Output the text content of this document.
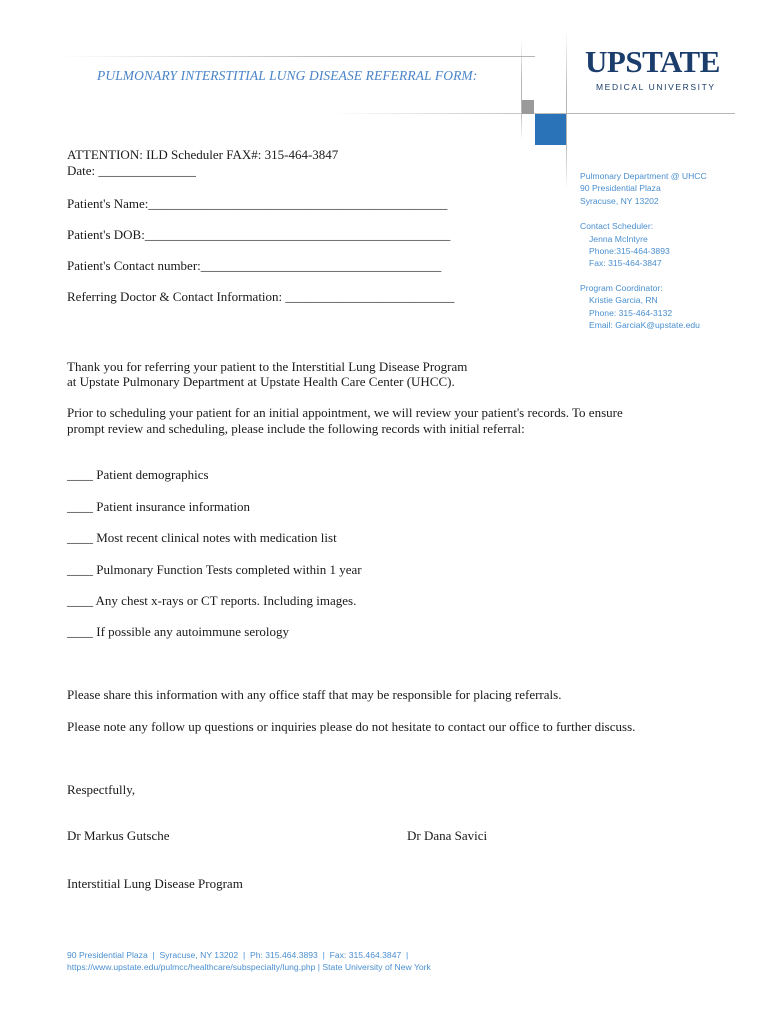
PULMONARY INTERSTITIAL LUNG DISEASE REFERRAL FORM:	UPSTATE
MEDICAL UNIVERSITY
ATTENTION: ILD Scheduler FAX#: 315-464-3847
Date: _______________
Patient's Name:______________________________________________
Patient's DOB:_______________________________________________
Patient's Contact number:_____________________________________
Referring Doctor & Contact Information: __________________________
Pulmonary Department @ UHCC
90 Presidential Plaza
Syracuse, NY 13202
Contact Scheduler:
Jenna McIntyre
Phone:315-464-3893
Fax: 315-464-3847
Program Coordinator:
Kristie Garcia, RN
Phone: 315-464-3132
Email: GarciaK@upstate.edu
Thank you for referring your patient to the Interstitial Lung Disease Program
at Upstate Pulmonary Department at Upstate Health Care Center (UHCC).
Prior to scheduling your patient for an initial appointment, we will review your patient's records. To ensure
prompt review and scheduling, please include the following records with initial referral:
____ Patient demographics
____ Patient insurance information
____ Most recent clinical notes with medication list
____ Pulmonary Function Tests completed within 1 year
____ Any chest x-rays or CT reports. Including images.
____ If possible any autoimmune serology
Please share this information with any office staff that may be responsible for placing referrals.
Please note any follow up questions or inquiries please do not hesitate to contact our office to further discuss.
Respectfully,
Dr Markus Gutsche	Dr Dana Savici
Interstitial Lung Disease Program
90 Presidential Plaza  |  Syracuse, NY 13202  |  Ph: 315.464.3893  |  Fax: 315.464.3847  |
https://www.upstate.edu/pulmcc/healthcare/subspecialty/lung.php | State University of New York
